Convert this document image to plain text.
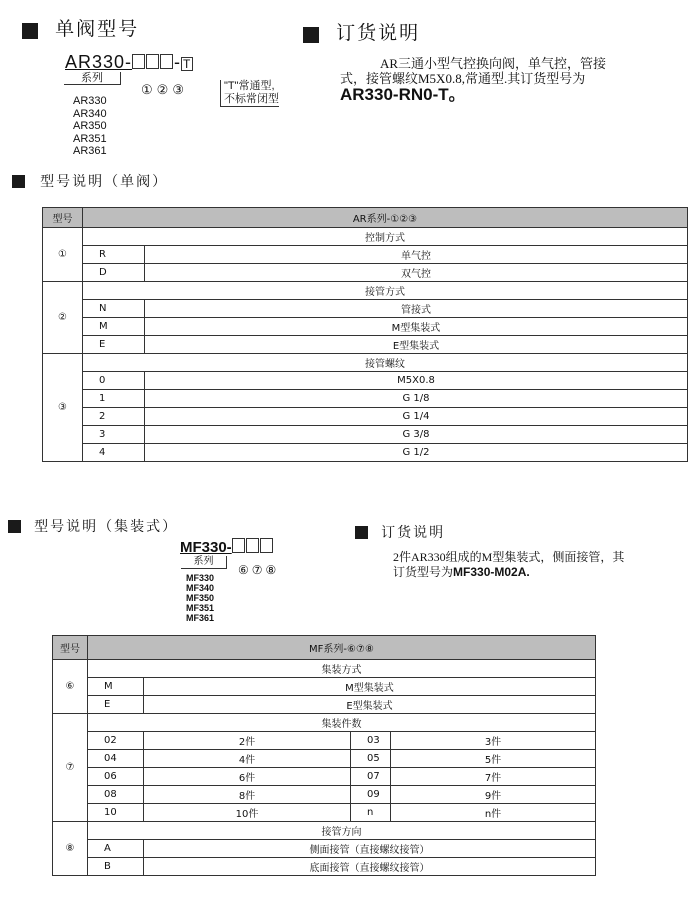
单阀型号
AR330- - T
系列
①②③	"T"常通型,
不标常闭型
AR330
AR340
AR350
AR351
AR361
订货说明
AR三通小型气控换向阀，单气控，管接
式，接管螺纹M5X0.8,常通型.其订货型号为
AR330-RN0-T。
型号说明（单阀）
型号	AR系列-①②③	
①	控制方式	
	R	单气控
	D	双气控
②	接管方式	
	N	管接式
	M	M型集装式
	E	E型集装式
③	接管螺纹	
	0	M5X0.8
	1	G 1/8
	2	G 1/4
	3	G 3/8
	4	G 1/2
型号说明（集装式）
MF330-
系列
⑥⑦⑧
MF330
MF340
MF350
MF351
MF361
订货说明
2件AR330组成的M型集装式，侧面接管，其
订货型号为MF330-M02A.
型号	MF系列-⑥⑦⑧			
⑥	集装方式			
	M	M型集装式		
	E	E型集装式		
⑦	集装件数			
	02	2件	03	3件
	04	4件	05	5件
	06	6件	07	7件
	08	8件	09	9件
	10	10件	n	n件
⑧	接管方向			
	A	侧面接管（直接螺纹接管）		
	B	底面接管（直接螺纹接管）		
